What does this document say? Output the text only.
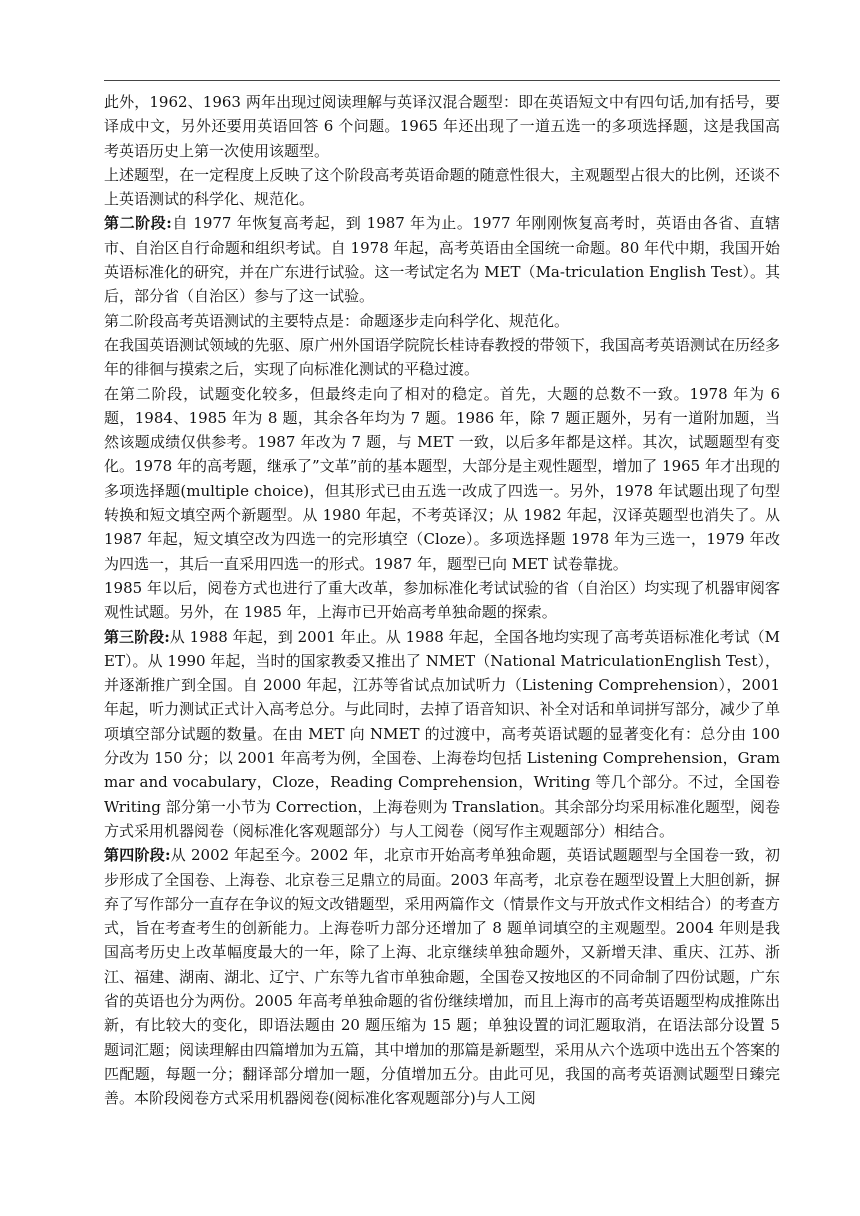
此外，1962、1963 两年出现过阅读理解与英译汉混合题型：即在英语短文中有四句话,加有括号，要译成中文，另外还要用英语回答 6 个问题。1965 年还出现了一道五选一的多项选择题，这是我国高考英语历史上第一次使用该题型。

上述题型，在一定程度上反映了这个阶段高考英语命题的随意性很大，主观题型占很大的比例，还谈不上英语测试的科学化、规范化。

第二阶段:自 1977 年恢复高考起，到 1987 年为止。1977 年刚刚恢复高考时，英语由各省、直辖市、自治区自行命题和组织考试。自 1978 年起，高考英语由全国统一命题。80 年代中期，我国开始英语标准化的研究，并在广东进行试验。这一考试定名为 MET（Ma-triculation English Test）。其后，部分省（自治区）参与了这一试验。

第二阶段高考英语测试的主要特点是：命题逐步走向科学化、规范化。

在我国英语测试领域的先驱、原广州外国语学院院长桂诗春教授的带领下，我国高考英语测试在历经多年的徘徊与摸索之后，实现了向标准化测试的平稳过渡。

在第二阶段，试题变化较多，但最终走向了相对的稳定。首先，大题的总数不一致。1978 年为 6 题，1984、1985 年为 8 题，其余各年均为 7 题。1986 年，除 7 题正题外，另有一道附加题，当然该题成绩仅供参考。1987 年改为 7 题，与 MET 一致，以后多年都是这样。其次，试题题型有变化。1978 年的高考题，继承了”文革”前的基本题型，大部分是主观性题型，增加了 1965 年才出现的多项选择题(multiple choice)，但其形式已由五选一改成了四选一。另外，1978 年试题出现了句型转换和短文填空两个新题型。从 1980 年起，不考英译汉；从 1982 年起，汉译英题型也消失了。从 1987 年起，短文填空改为四选一的完形填空（Cloze）。多项选择题 1978 年为三选一，1979 年改为四选一，其后一直采用四选一的形式。1987 年，题型已向 MET 试卷靠拢。

1985 年以后，阅卷方式也进行了重大改革，参加标准化考试试验的省（自治区）均实现了机器审阅客观性试题。另外，在 1985 年，上海市已开始高考单独命题的探索。

第三阶段:从 1988 年起，到 2001 年止。从 1988 年起，全国各地均实现了高考英语标准化考试（MET）。从 1990 年起，当时的国家教委又推出了 NMET（National MatriculationEnglish Test），并逐渐推广到全国。自 2000 年起，江苏等省试点加试听力（Listening Comprehension），2001 年起，听力测试正式计入高考总分。与此同时，去掉了语音知识、补全对话和单词拼写部分，减少了单项填空部分试题的数量。在由 MET 向 NMET 的过渡中，高考英语试题的显著变化有：总分由 100 分改为 150 分；以 2001 年高考为例，全国卷、上海卷均包括 Listening Comprehension，Grammar and vocabulary，Cloze，Reading Comprehension，Writing 等几个部分。不过，全国卷 Writing 部分第一小节为 Correction，上海卷则为 Translation。其余部分均采用标准化题型，阅卷方式采用机器阅卷（阅标准化客观题部分）与人工阅卷（阅写作主观题部分）相结合。

第四阶段:从 2002 年起至今。2002 年，北京市开始高考单独命题，英语试题题型与全国卷一致，初步形成了全国卷、上海卷、北京卷三足鼎立的局面。2003 年高考，北京卷在题型设置上大胆创新，摒弃了写作部分一直存在争议的短文改错题型，采用两篇作文（情景作文与开放式作文相结合）的考查方式，旨在考查考生的创新能力。上海卷听力部分还增加了 8 题单词填空的主观题型。2004 年则是我国高考历史上改革幅度最大的一年，除了上海、北京继续单独命题外，又新增天津、重庆、江苏、浙江、福建、湖南、湖北、辽宁、广东等九省市单独命题，全国卷又按地区的不同命制了四份试题，广东省的英语也分为两份。2005 年高考单独命题的省份继续增加，而且上海市的高考英语题型构成推陈出新，有比较大的变化，即语法题由 20 题压缩为 15 题；单独设置的词汇题取消，在语法部分设置 5 题词汇题；阅读理解由四篇增加为五篇，其中增加的那篇是新题型，采用从六个选项中选出五个答案的匹配题，每题一分；翻译部分增加一题，分值增加五分。由此可见，我国的高考英语测试题型日臻完善。本阶段阅卷方式采用机器阅卷(阅标准化客观题部分)与人工阅
